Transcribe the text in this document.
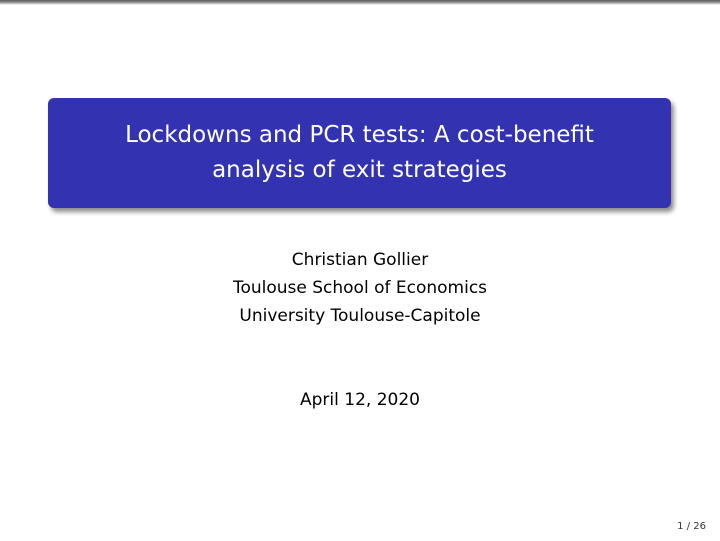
Lockdowns and PCR tests: A cost-benefit
analysis of exit strategies
Christian Gollier
Toulouse School of Economics
University Toulouse-Capitole
April 12, 2020
1 / 26
